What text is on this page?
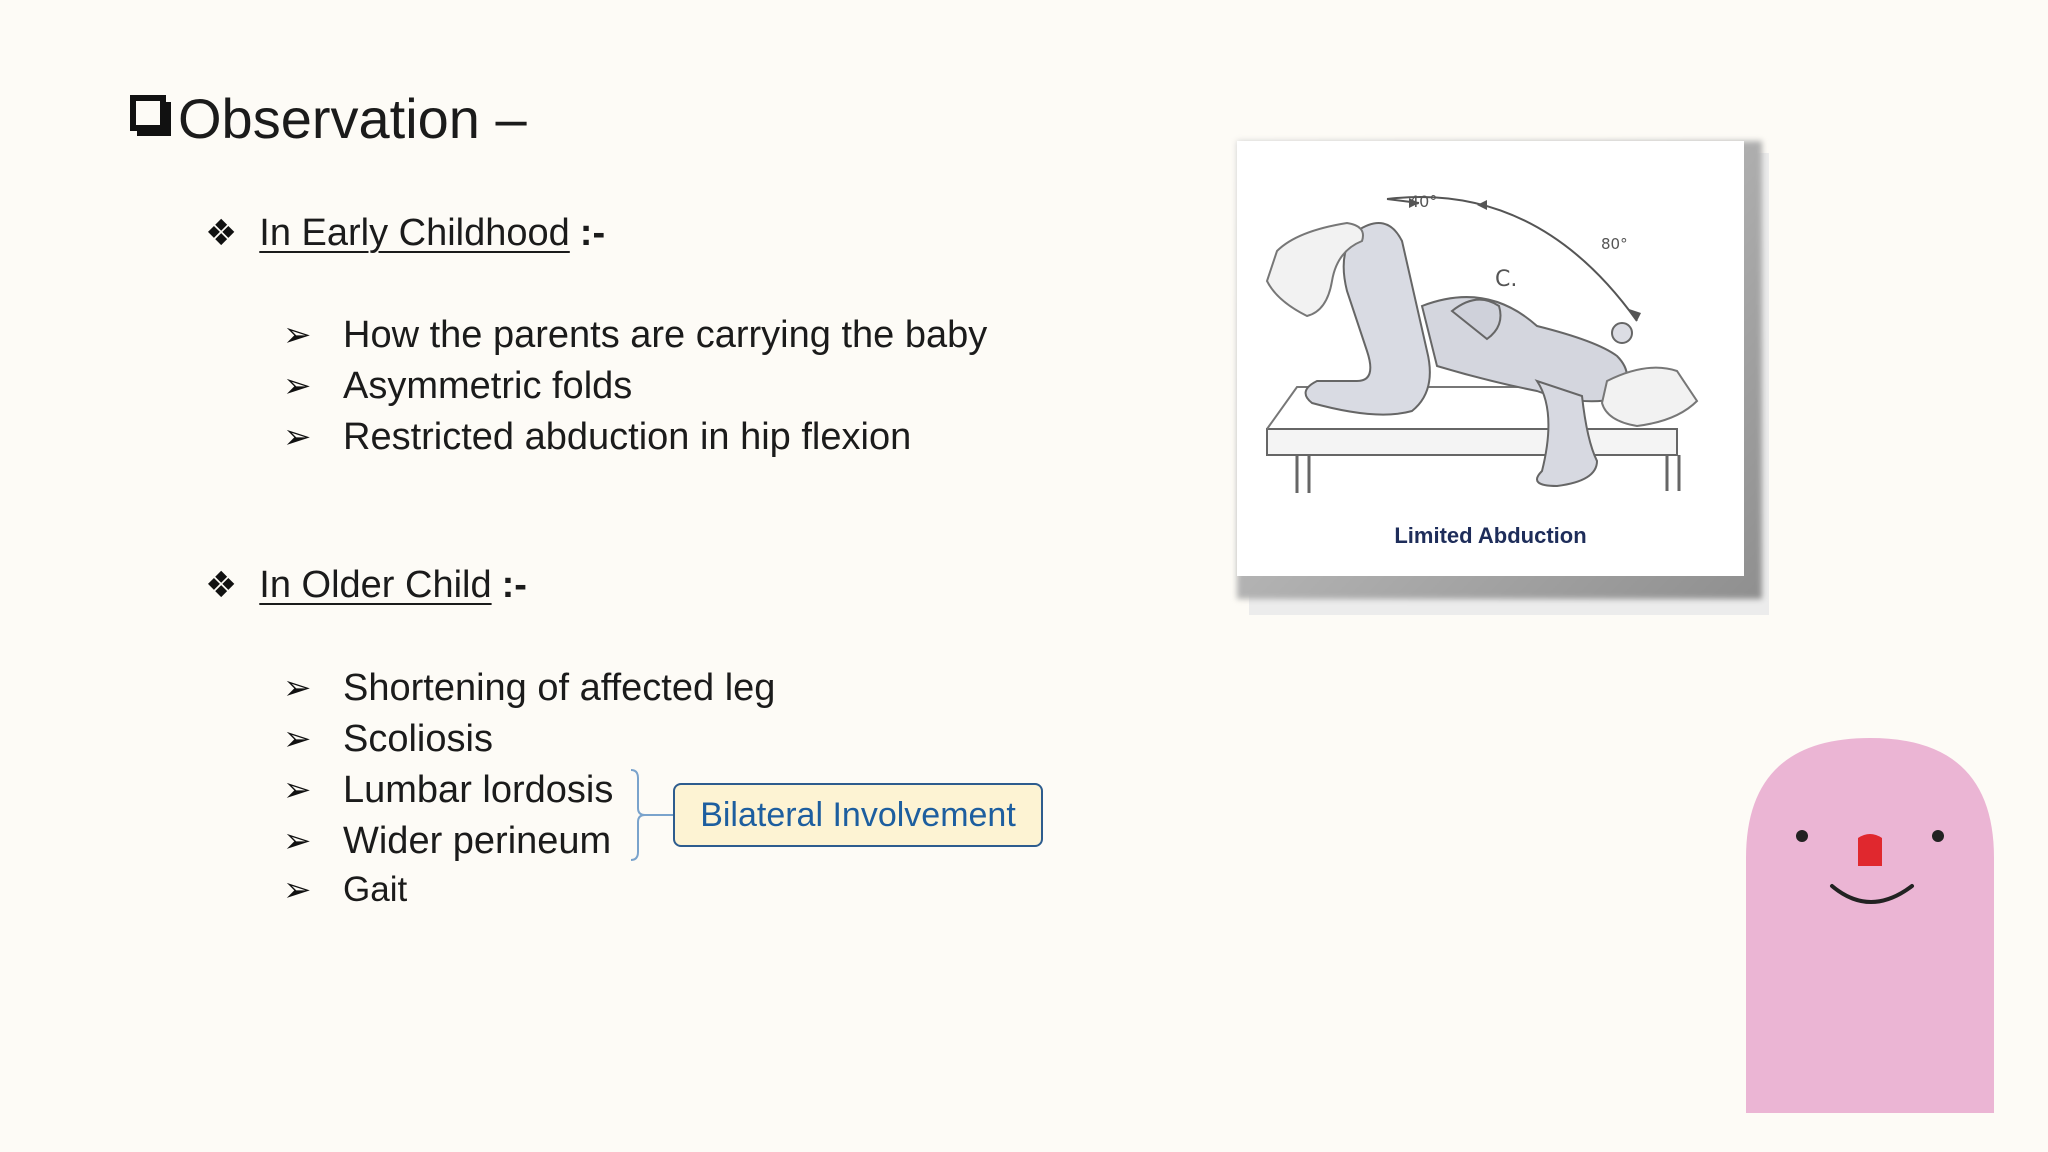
Observation –
❖ In Early Childhood :-
➢ How the parents are carrying the baby
➢ Asymmetric folds
➢ Restricted abduction in hip flexion
❖ In Older Child :-
➢ Shortening of affected leg
➢ Scoliosis
➢ Lumbar lordosis
➢ Wider perineum
➢ Gait
Bilateral Involvement
40°
80°
C.
Limited Abduction
